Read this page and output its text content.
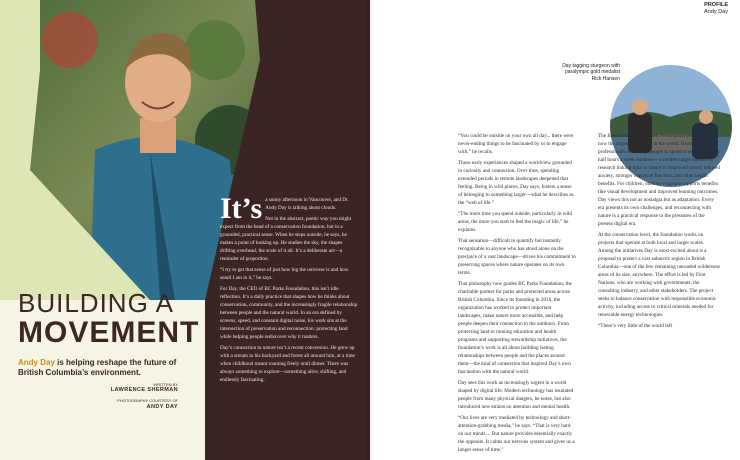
BUILDING A
MOVEMENT
Andy Day is helping reshape the future of British Columbia’s environment.
WRITTEN BY
LAWRENCE SHERMAN
PHOTOGRAPHY COURTESY OF
ANDY DAY

It’s a sunny afternoon in Vancouver, and Dr. Andy Day is talking about clouds.

Not in the abstract, poetic way you might expect from the head of a conservation foundation, but in a grounded, practical sense. When he steps outside, he says, he makes a point of looking up. He studies the sky, the shapes drifting overhead, the scale of it all. It’s a deliberate act—a reminder of proportion.

“I try to get that sense of just how big the universe is and how small I am in it,” he says.

For Day, the CEO of BC Parks Foundation, this isn’t idle reflection. It’s a daily practice that shapes how he thinks about conservation, community, and the increasingly fragile relationship between people and the natural world. In an era defined by screens, speed, and constant digital noise, his work sits at the intersection of preservation and reconnection: protecting land while helping people rediscover why it matters.

Day’s connection to nature isn’t a recent conversion. He grew up with a stream in his backyard and forest all around him, at a time when childhood meant roaming freely until dinner. There was always something to explore—something alive, shifting, and endlessly fascinating.

PROFILE
Andy Day
Day tagging sturgeon with paralympic gold medalist Rick Hansen

“You could be outside on your own all day... there were never-ending things to be fascinated by or to engage with,” he recalls.

Those early experiences shaped a worldview grounded in curiosity and connection. Over time, spending extended periods in remote landscapes deepened that feeling. Being in wild places, Day says, fosters a sense of belonging to something larger—what he describes as the “web of life.”

“The more time you spend outside, particularly in wild areas, the more you start to feel the magic of life,” he explains.

That sensation—difficult to quantify but instantly recognizable to anyone who has stood alone on the precipice of a vast landscape—drives his commitment to preserving spaces where nature operates on its own terms.

That philosophy now guides BC Parks Foundation, the charitable partner for parks and protected areas across British Columbia. Since its founding in 2016, the organization has worked to protect important landscapes, make nature more accessible, and help people deepen their connection to the outdoors. From protecting land to running education and health programs and supporting stewardship initiatives, the foundation’s work is all about building lasting relationships between people and the places around them—the kind of connection that inspired Day’s own fascination with the natural world.

Day sees this work as increasingly urgent in a world shaped by digital life. Modern technology has insulated people from many physical dangers, he notes, but also introduced new strains on attention and mental health.

“Our lives are very mediated by technology and short-attention-grabbing media,” he says. “That is very hard on our minds.... But nature provides essentially exactly the opposite. It calms our nervous system and gives us a longer sense of time.”

The foundation’s Parks (Park Prescription program) is now the largest of its kind in the world. Health care professionals encourage people to spend at least two and a half hours a week outdoors—a modest target backed by research linking time in nature to improved mood, reduced anxiety, stronger cognitive function, and other health benefits. For children, outdoor exposure supports benefits like visual development and improved learning outcomes. Day views this not as nostalgia but as adaptation: Every era presents its own challenges, and reconnecting with nature is a practical response to the pressures of the present digital era.

At the conservation level, the foundation works on projects that operate at both local and larger scales. Among the initiatives Day is most excited about is a proposal to protect a vast subarctic region in British Columbia—one of the few remaining unroaded wilderness areas of its size, anywhere. The effort is led by First Nations, who are working with governments, the consulting industry, and other stakeholders. The project seeks to balance conservation with responsible economic activity, including access to critical minerals needed for renewable energy technologies.

“There’s very little of the world left
